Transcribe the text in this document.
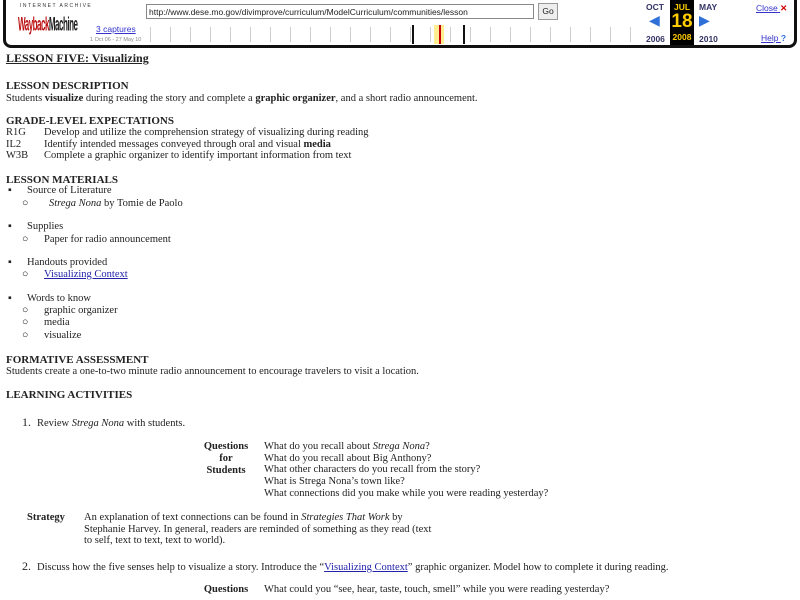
INTERNET ARCHIVE
WaybackMachine
http://www.dese.mo.gov/divimprove/curriculum/ModelCurriculum/communities/lesson	Go
3 captures
1 Oct 06 - 27 May 10
OCT
◀
2006
JUL
18
2008
MAY
▶
2010
Close ✕
Help ?
LESSON FIVE: Visualizing
LESSON DESCRIPTION
Students visualize during reading the story and complete a graphic organizer, and a short radio announcement.
GRADE-LEVEL EXPECTATIONS
R1G Develop and utilize the comprehension strategy of visualizing during reading
IL2 Identify intended messages conveyed through oral and visual media
W3B Complete a graphic organizer to identify important information from text
LESSON MATERIALS
▪ Source of Literature
○ Strega Nona by Tomie de Paolo
▪ Supplies
○ Paper for radio announcement
▪ Handouts provided
○ Visualizing Context
▪ Words to know
○ graphic organizer
○ media
○ visualize
FORMATIVE ASSESSMENT
Students create a one-to-two minute radio announcement to encourage travelers to visit a location.
LEARNING ACTIVITIES
1. Review Strega Nona with students.
Questions
for
Students
What do you recall about Strega Nona?
What do you recall about Big Anthony?
What other characters do you recall from the story?
What is Strega Nona’s town like?
What connections did you make while you were reading yesterday?
Strategy An explanation of text connections can be found in Strategies That Work by
Stephanie Harvey. In general, readers are reminded of something as they read (text
to self, text to text, text to world).
2. Discuss how the five senses help to visualize a story. Introduce the “Visualizing Context” graphic organizer. Model how to complete it during reading.
Questions	What could you “see, hear, taste, touch, smell” while you were reading yesterday?
